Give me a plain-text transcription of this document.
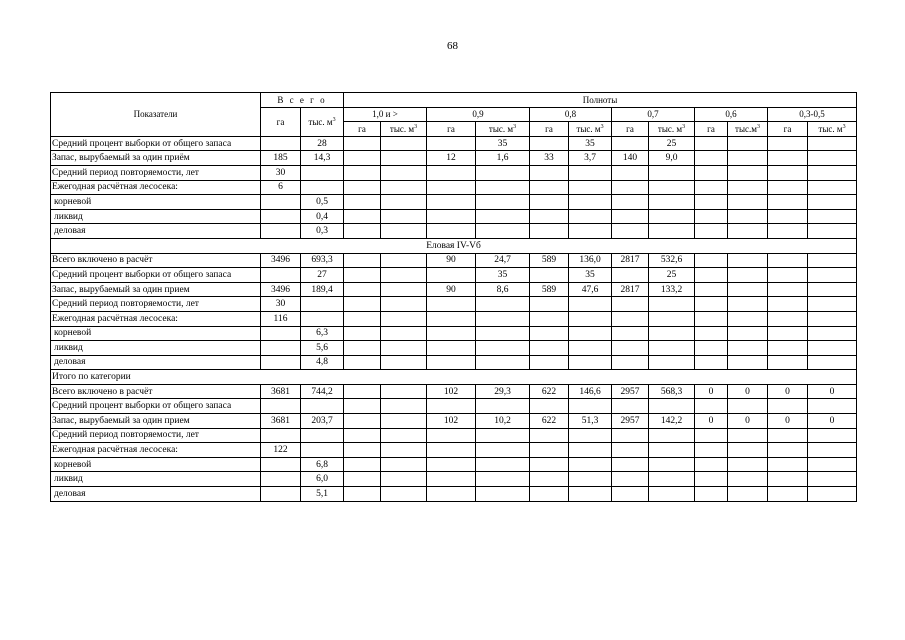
68
Показатели	В с е г о		Полноты											
	га	тыс. $м^3$	1,0 и >		0,9		0,8		0,7		0,6		0,3-0,5	
			га	тыс. $м^3$	га	тыс. $м^3$	га	тыс. $м^3$	га	тыс. $м^3$	га	$тыс.м^3$	га	тыс. $м^3$
Средний процент выборки от общего запаса		28				35		35		25				
Запас, вырубаемый за один приём	185	14,3			12	1,6	33	3,7	140	9,0				
Средний период повторяемости, лет	30													
Ежегодная расчётная лесосека:	6													
корневой		0,5												
ликвид		0,4												
деловая		0,3												
Еловая IV-Vб														
Всего включено в расчёт	3496	693,3			90	24,7	589	136,0	2817	532,6				
Средний процент выборки от общего запаса		27				35		35		25				
Запас, вырубаемый за один прием	3496	189,4			90	8,6	589	47,6	2817	133,2				
Средний период повторяемости, лет	30													
Ежегодная расчётная лесосека:	116													
корневой		6,3												
ликвид		5,6												
деловая		4,8												
Итого по категории														
Всего включено в расчёт	3681	744,2			102	29,3	622	146,6	2957	568,3	0	0	0	0
Средний процент выборки от общего запаса														
Запас, вырубаемый за один прием	3681	203,7			102	10,2	622	51,3	2957	142,2	0	0	0	0
Средний период повторяемости, лет														
Ежегодная расчётная лесосека:	122													
корневой		6,8												
ликвид		6,0												
деловая		5,1												
